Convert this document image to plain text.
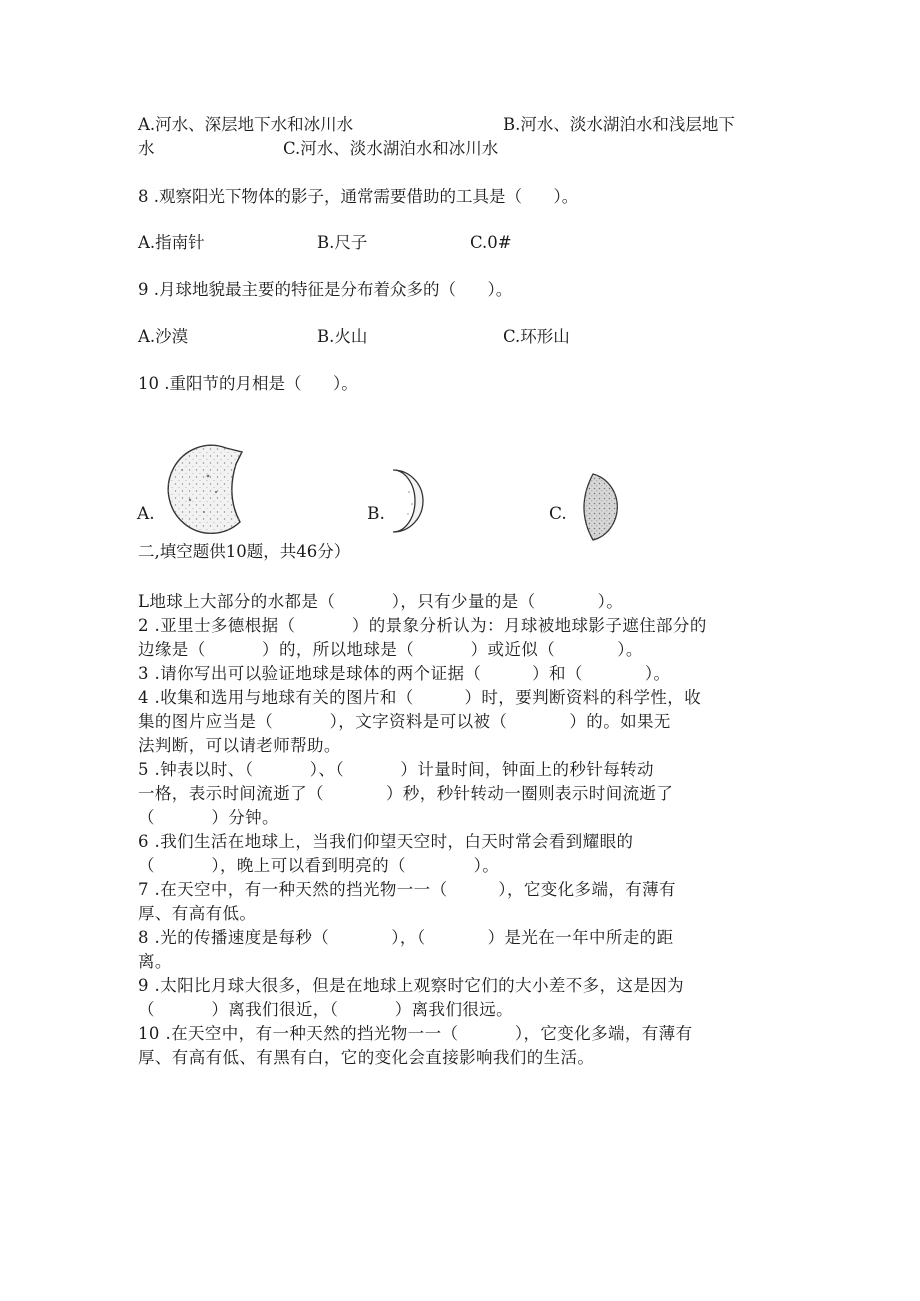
A.河水、深层地下水和冰川水	B.河水、淡水湖泊水和浅层地下
水	C.河水、淡水湖泊水和冰川水
8 .观察阳光下物体的影子，通常需要借助的工具是（      ）。
A.指南针	B.尺子	C.0#
9 .月球地貌最主要的特征是分布着众多的（      ）。
A.沙漠	B.火山	C.环形山
10 .重阳节的月相是（      ）。
A.	B.	C.
二,填空题供10题，共46分）
L地球上大部分的水都是（          ），只有少量的是（           ）。
2 .亚里士多德根据（          ）的景象分析认为：月球被地球影子遮住部分的
边缘是（          ）的，所以地球是（          ）或近似（           ）。
3 .请你写出可以验证地球是球体的两个证据（         ）和（           ）。
4 .收集和选用与地球有关的图片和（         ）时，要判断资料的科学性，收
集的图片应当是（          ），文字资料是可以被（           ）的。如果无
法判断，可以请老师帮助。
5 .钟表以时、（          ）、（          ）计量时间，钟面上的秒针每转动
一格，表示时间流逝了（           ）秒，秒针转动一圈则表示时间流逝了
（          ）分钟。
6 .我们生活在地球上，当我们仰望天空时，白天时常会看到耀眼的
（          ），晚上可以看到明亮的（            ）。
7 .在天空中，有一种天然的挡光物一一（         ），它变化多端，有薄有
厚、有高有低。
8 .光的传播速度是每秒（           ），（           ）是光在一年中所走的距
离。
9 .太阳比月球大很多，但是在地球上观察时它们的大小差不多，这是因为
（          ）离我们很近，（          ）离我们很远。
10 .在天空中，有一种天然的挡光物一一（          ），它变化多端，有薄有
厚、有高有低、有黑有白，它的变化会直接影响我们的生活。
